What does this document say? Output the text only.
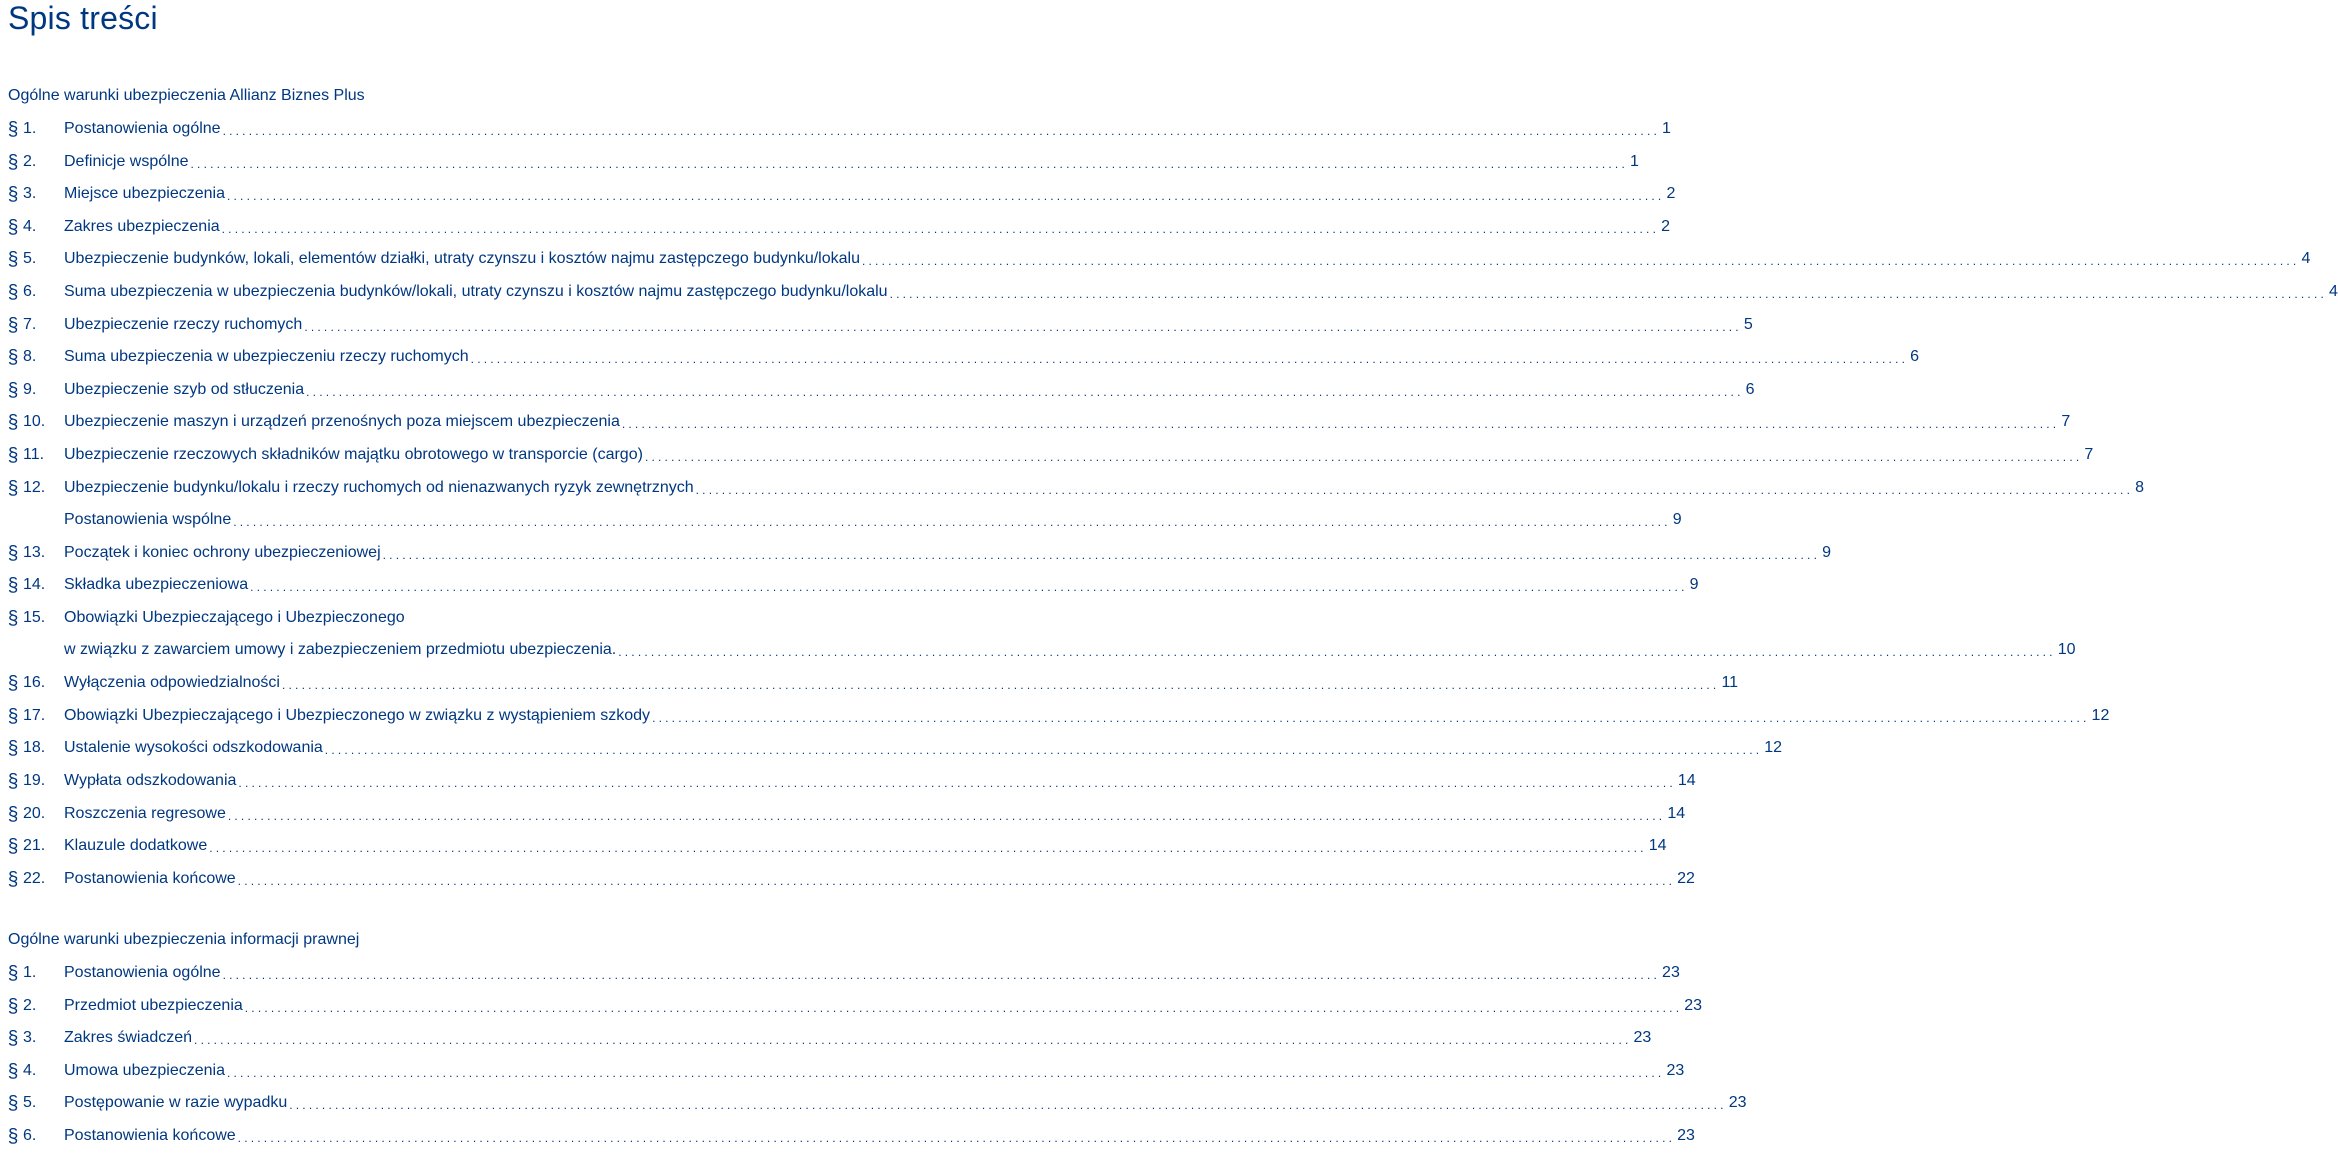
Spis treści
Ogólne warunki ubezpieczenia Allianz Biznes Plus
§ 1.	Postanowienia ogólne ............................................................................................................................................................................................................................ 1
§ 2.	Definicje wspólne ............................................................................................................................................................................................................................ 1
§ 3.	Miejsce ubezpieczenia ............................................................................................................................................................................................................................ 2
§ 4.	Zakres ubezpieczenia ............................................................................................................................................................................................................................ 2
§ 5.	Ubezpieczenie budynków, lokali, elementów działki, utraty czynszu i kosztów najmu zastępczego budynku/lokalu ............................................................................................................................................................................................................................ 4
§ 6.	Suma ubezpieczenia w ubezpieczenia budynków/lokali, utraty czynszu i kosztów najmu zastępczego budynku/lokalu ............................................................................................................................................................................................................................ 4
§ 7.	Ubezpieczenie rzeczy ruchomych ............................................................................................................................................................................................................................ 5
§ 8.	Suma ubezpieczenia w ubezpieczeniu rzeczy ruchomych ............................................................................................................................................................................................................................ 6
§ 9.	Ubezpieczenie szyb od stłuczenia ............................................................................................................................................................................................................................ 6
§ 10.	Ubezpieczenie maszyn i urządzeń przenośnych poza miejscem ubezpieczenia ............................................................................................................................................................................................................................ 7
§ 11.	Ubezpieczenie rzeczowych składników majątku obrotowego w transporcie (cargo) ............................................................................................................................................................................................................................ 7
§ 12.	Ubezpieczenie budynku/lokalu i rzeczy ruchomych od nienazwanych ryzyk zewnętrznych ............................................................................................................................................................................................................................ 8
Postanowienia wspólne ............................................................................................................................................................................................................................ 9
§ 13.	Początek i koniec ochrony ubezpieczeniowej ............................................................................................................................................................................................................................ 9
§ 14.	Składka ubezpieczeniowa ............................................................................................................................................................................................................................ 9
§ 15.	Obowiązki Ubezpieczającego i Ubezpieczonego
w związku z zawarciem umowy i zabezpieczeniem przedmiotu ubezpieczenia. ............................................................................................................................................................................................................................ 10
§ 16.	Wyłączenia odpowiedzialności ............................................................................................................................................................................................................................ 11
§ 17.	Obowiązki Ubezpieczającego i Ubezpieczonego w związku z wystąpieniem szkody ............................................................................................................................................................................................................................ 12
§ 18.	Ustalenie wysokości odszkodowania ............................................................................................................................................................................................................................ 12
§ 19.	Wypłata odszkodowania ............................................................................................................................................................................................................................ 14
§ 20.	Roszczenia regresowe ............................................................................................................................................................................................................................ 14
§ 21.	Klauzule dodatkowe ............................................................................................................................................................................................................................ 14
§ 22.	Postanowienia końcowe ............................................................................................................................................................................................................................ 22
Ogólne warunki ubezpieczenia informacji prawnej
§ 1.	Postanowienia ogólne ............................................................................................................................................................................................................................ 23
§ 2.	Przedmiot ubezpieczenia ............................................................................................................................................................................................................................ 23
§ 3.	Zakres świadczeń ............................................................................................................................................................................................................................ 23
§ 4.	Umowa ubezpieczenia ............................................................................................................................................................................................................................ 23
§ 5.	Postępowanie w razie wypadku ............................................................................................................................................................................................................................ 23
§ 6.	Postanowienia końcowe ............................................................................................................................................................................................................................ 23
